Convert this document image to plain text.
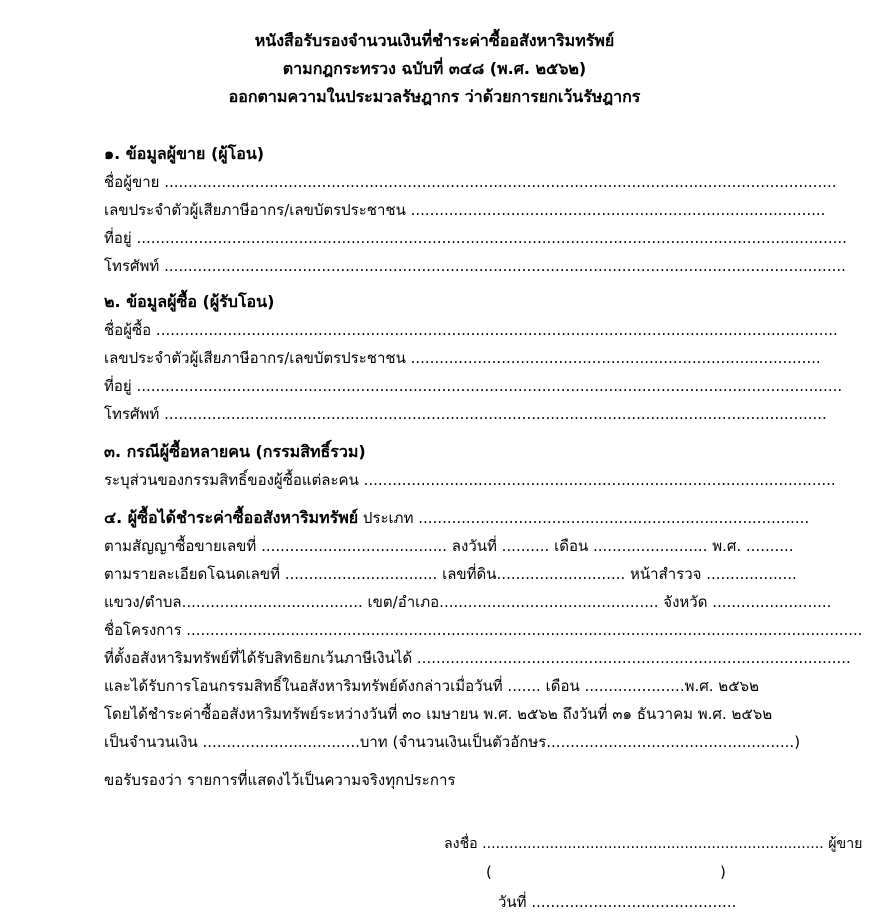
หนังสือรับรองจำนวนเงินที่ชำระค่าซื้ออสังหาริมทรัพย์
ตามกฎกระทรวง ฉบับที่ ๓๔๘ (พ.ศ. ๒๕๖๒)
ออกตามความในประมวลรัษฎากร ว่าด้วยการยกเว้นรัษฎากร
๑. ข้อมูลผู้ขาย (ผู้โอน)
ชื่อผู้ขาย .............................................................................................................................................
เลขประจำตัวผู้เสียภาษีอากร/เลขบัตรประชาชน .......................................................................................
ที่อยู่ .....................................................................................................................................................
โทรศัพท์ ...............................................................................................................................................
๒. ข้อมูลผู้ซื้อ (ผู้รับโอน)
ชื่อผู้ซื้อ ...............................................................................................................................................
เลขประจำตัวผู้เสียภาษีอากร/เลขบัตรประชาชน ......................................................................................
ที่อยู่ ....................................................................................................................................................
โทรศัพท์ ...........................................................................................................................................
๓. กรณีผู้ซื้อหลายคน (กรรมสิทธิ์รวม)
ระบุส่วนของกรรมสิทธิ์ของผู้ซื้อแต่ละคน ...................................................................................................
๔. ผู้ซื้อได้ชำระค่าซื้ออสังหาริมทรัพย์ ประเภท ..................................................................................
ตามสัญญาซื้อขายเลขที่ ....................................... ลงวันที่ .......... เดือน ........................ พ.ศ. ..........
ตามรายละเอียดโฉนดเลขที่ ................................ เลขที่ดิน........................... หน้าสำรวจ ...................
แขวง/ตำบล...................................... เขต/อำเภอ.............................................. จังหวัด .........................
ชื่อโครงการ ...............................................................................................................................................
ที่ตั้งอสังหาริมทรัพย์ที่ได้รับสิทธิยกเว้นภาษีเงินได้ ...........................................................................................
และได้รับการโอนกรรมสิทธิ์ในอสังหาริมทรัพย์ดังกล่าวเมื่อวันที่ ....... เดือน .....................พ.ศ. ๒๕๖๒
โดยได้ชำระค่าซื้ออสังหาริมทรัพย์ระหว่างวันที่ ๓๐ เมษายน พ.ศ. ๒๕๖๒ ถึงวันที่ ๓๑ ธันวาคม พ.ศ. ๒๕๖๒
เป็นจำนวนเงิน .................................บาท (จำนวนเงินเป็นตัวอักษร....................................................)
ขอรับรองว่า รายการที่แสดงไว้เป็นความจริงทุกประการ
ลงชื่อ ............................................................................ ผู้ขาย
(	)
วันที่ ...........................................
